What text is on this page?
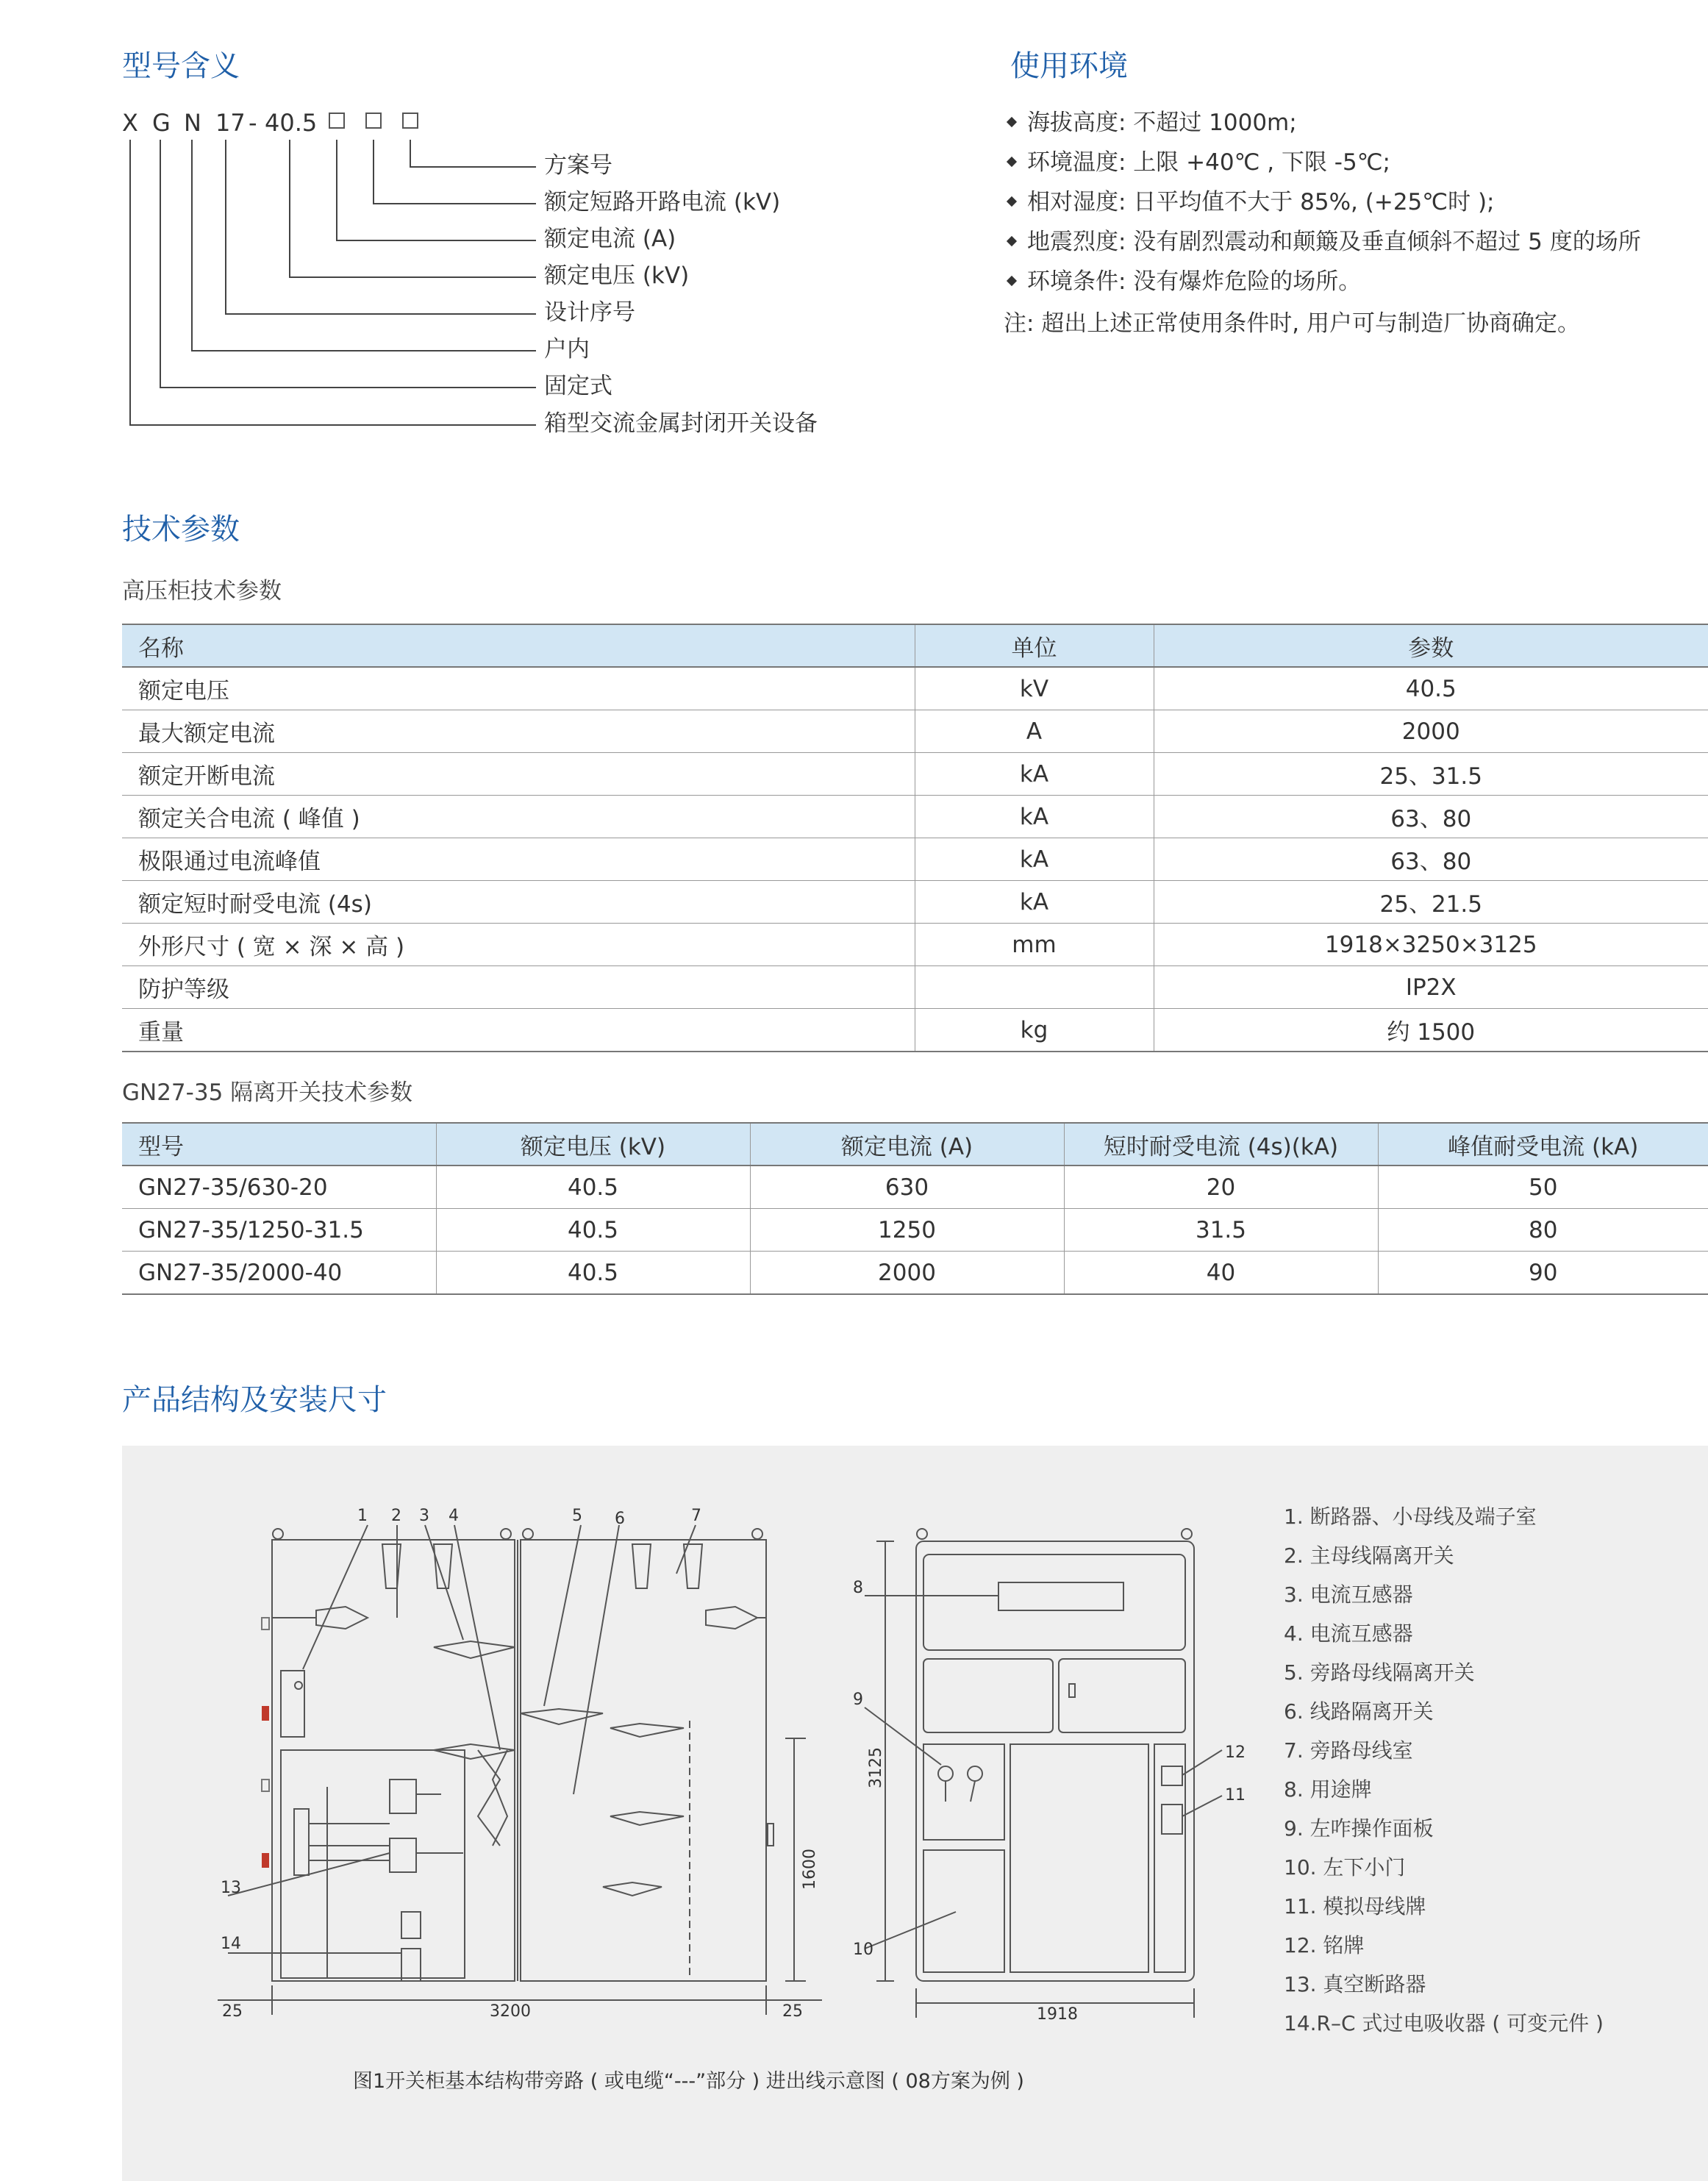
型号含义
X G N 17 - 40.5
方案号
额定短路开路电流 (kV)
额定电流 (A)
额定电压 (kV)
设计序号
户内
固定式
箱型交流金属封闭开关设备
使用环境
海拔高度: 不超过 1000m;
环境温度: 上限 +40℃ , 下限 -5℃;
相对湿度: 日平均值不大于 85%, (+25℃时 );
地震烈度: 没有剧烈震动和颠簸及垂直倾斜不超过 5 度的场所
环境条件: 没有爆炸危险的场所。
注: 超出上述正常使用条件时, 用户可与制造厂协商确定。
技术参数
高压柜技术参数
名称	单位	参数
额定电压	kV	40.5
最大额定电流	A	2000
额定开断电流	kA	25、31.5
额定关合电流 ( 峰值 )	kA	63、80
极限通过电流峰值	kA	63、80
额定短时耐受电流 (4s)	kA	25、21.5
外形尺寸 ( 宽 × 深 × 高 )	mm	1918×3250×3125
防护等级		IP2X
重量	kg	约 1500
GN27-35 隔离开关技术参数
型号	额定电压 (kV)	额定电流 (A)	短时耐受电流 (4s)(kA)	峰值耐受电流 (kA)
GN27-35/630-20	40.5	630	20	50
GN27-35/1250-31.5	40.5	1250	31.5	80
GN27-35/2000-40	40.5	2000	40	90
产品结构及安装尺寸
1 2 3 4	5 6	7
13
14
8
9
10
11
12
25	3200	25	1918
1600
3125
1. 断路器、小母线及端子室
2. 主母线隔离开关
3. 电流互感器
4. 电流互感器
5. 旁路母线隔离开关
6. 线路隔离开关
7. 旁路母线室
8. 用途牌
9. 左咋操作面板
10. 左下小门
11. 模拟母线牌
12. 铭牌
13. 真空断路器
14.R–C 式过电吸收器 ( 可变元件 )
图1开关柜基本结构带旁路 ( 或电缆“---”部分 ) 进出线示意图 ( 08方案为例 )
